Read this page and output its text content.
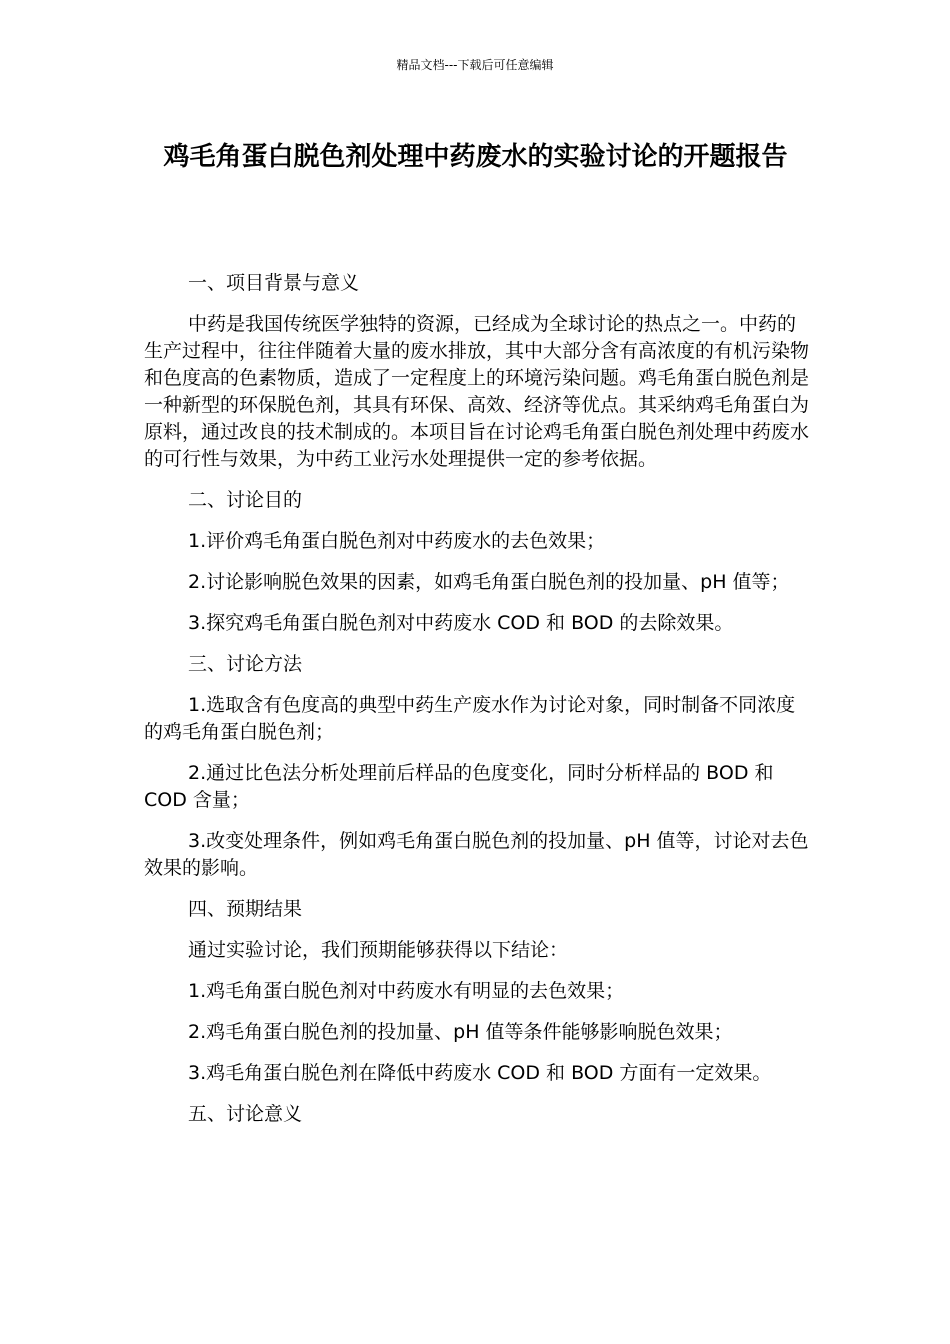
精品文档---下载后可任意编辑
鸡毛角蛋白脱色剂处理中药废水的实验讨论的开题报告

一、项目背景与意义

中药是我国传统医学独特的资源，已经成为全球讨论的热点之一。中药的生产过程中，往往伴随着大量的废水排放，其中大部分含有高浓度的有机污染物和色度高的色素物质，造成了一定程度上的环境污染问题。鸡毛角蛋白脱色剂是一种新型的环保脱色剂，其具有环保、高效、经济等优点。其采纳鸡毛角蛋白为原料，通过改良的技术制成的。本项目旨在讨论鸡毛角蛋白脱色剂处理中药废水的可行性与效果，为中药工业污水处理提供一定的参考依据。

二、讨论目的

1.评价鸡毛角蛋白脱色剂对中药废水的去色效果；

2.讨论影响脱色效果的因素，如鸡毛角蛋白脱色剂的投加量、pH 值等；

3.探究鸡毛角蛋白脱色剂对中药废水 COD 和 BOD 的去除效果。

三、讨论方法

1.选取含有色度高的典型中药生产废水作为讨论对象，同时制备不同浓度的鸡毛角蛋白脱色剂；

2.通过比色法分析处理前后样品的色度变化，同时分析样品的 BOD 和 COD 含量；

3.改变处理条件，例如鸡毛角蛋白脱色剂的投加量、pH 值等，讨论对去色效果的影响。

四、预期结果

通过实验讨论，我们预期能够获得以下结论：

1.鸡毛角蛋白脱色剂对中药废水有明显的去色效果；

2.鸡毛角蛋白脱色剂的投加量、pH 值等条件能够影响脱色效果；

3.鸡毛角蛋白脱色剂在降低中药废水 COD 和 BOD 方面有一定效果。

五、讨论意义
